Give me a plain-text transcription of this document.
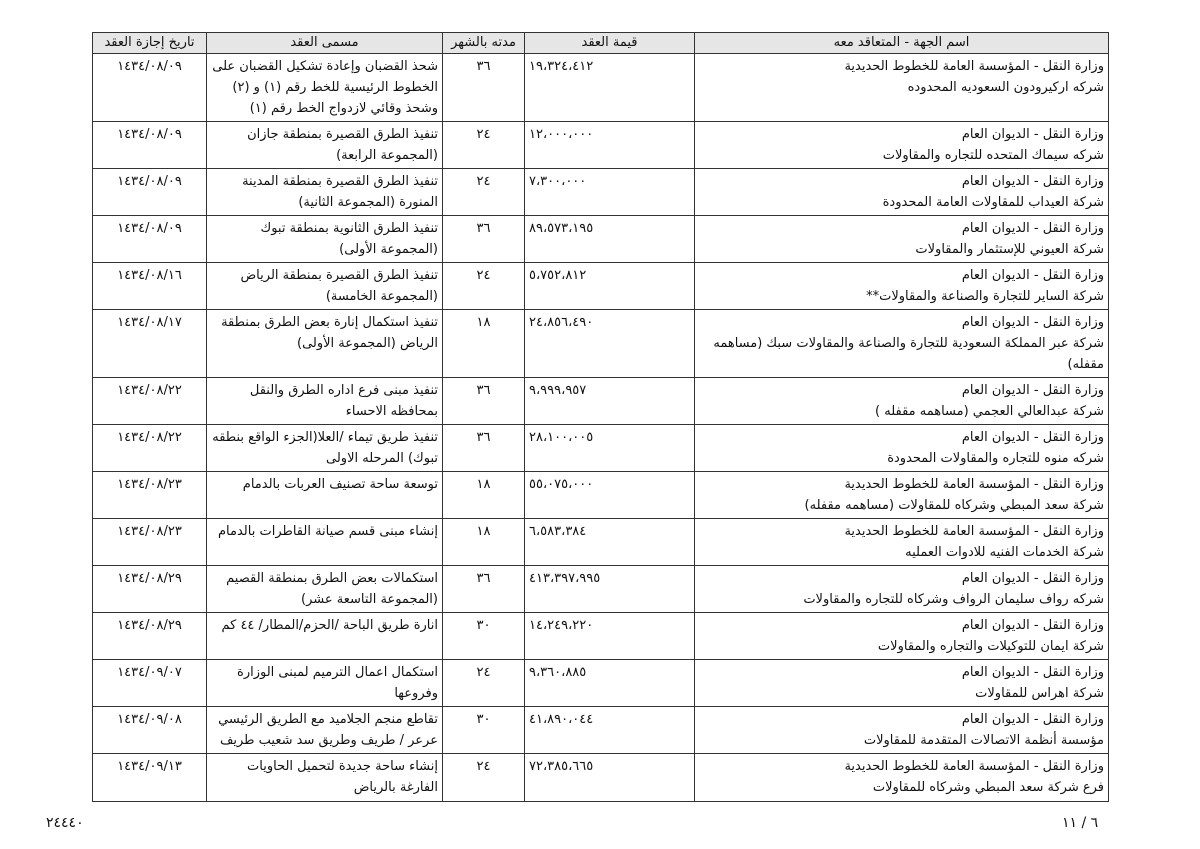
اسم الجهة - المتعاقد معه	قيمة العقد	مدته بالشهر	مسمى العقد	تاريخ إجازة العقد

وزارة النقل - المؤسسة العامة للخطوط الحديدية
شركه اركيرودون السعوديه المحدوده	١٩،٣٢٤،٤١٢	٣٦	شحذ القضبان وإعادة تشكيل القضبان على الخطوط الرئيسية للخط رقم (١) و (٢) وشحذ وقائي لازدواج الخط رقم (١)	١٤٣٤/٠٨/٠٩

وزارة النقل - الديوان العام
شركه سيماك المتحده للتجاره والمقاولات	١٢،٠٠٠،٠٠٠	٢٤	تنفيذ الطرق القصيرة بمنطقة جازان (المجموعة الرابعة)	١٤٣٤/٠٨/٠٩

وزارة النقل - الديوان العام
شركة العيداب للمقاولات العامة المحدودة	٧،٣٠٠،٠٠٠	٢٤	تنفيذ الطرق القصيرة بمنطقة المدينة المنورة (المجموعة الثانية)	١٤٣٤/٠٨/٠٩

وزارة النقل - الديوان العام
شركة العيوني للإستثمار والمقاولات	٨٩،٥٧٣،١٩٥	٣٦	تنفيذ الطرق الثانوية بمنطقة تبوك (المجموعة الأولى)	١٤٣٤/٠٨/٠٩

وزارة النقل - الديوان العام
شركة الساير للتجارة والصناعة والمقاولات**	٥،٧٥٢،٨١٢	٢٤	تنفيذ الطرق القصيرة بمنطقة الرياض (المجموعة الخامسة)	١٤٣٤/٠٨/١٦

وزارة النقل - الديوان العام
شركة عبر المملكة السعودية للتجارة والصناعة والمقاولات سبك (مساهمه مقفله)	٢٤،٨٥٦،٤٩٠	١٨	تنفيذ استكمال إنارة بعض الطرق بمنطقة الرياض (المجموعة الأولى)	١٤٣٤/٠٨/١٧

وزارة النقل - الديوان العام
شركة عبدالعالي العجمي (مساهمه مقفله )	٩،٩٩٩،٩٥٧	٣٦	تنفيذ مبنى فرع اداره الطرق والنقل بمحافظه الاحساء	١٤٣٤/٠٨/٢٢

وزارة النقل - الديوان العام
شركه منوه للتجاره والمقاولات المحدودة	٢٨،١٠٠،٠٠٥	٣٦	تنفيذ طريق تيماء /العلا(الجزء الواقع بنطقه تبوك) المرحله الاولى	١٤٣٤/٠٨/٢٢

وزارة النقل - المؤسسة العامة للخطوط الحديدية
شركة سعد المبطي وشركاه للمقاولات (مساهمه مقفله)	٥٥،٠٧٥،٠٠٠	١٨	توسعة ساحة تصنيف العربات بالدمام	١٤٣٤/٠٨/٢٣

وزارة النقل - المؤسسة العامة للخطوط الحديدية
شركة الخدمات الفنيه للادوات العمليه	٦،٥٨٣،٣٨٤	١٨	إنشاء مبنى قسم صيانة القاطرات بالدمام	١٤٣٤/٠٨/٢٣

وزارة النقل - الديوان العام
شركه رواف سليمان الرواف وشركاه للتجاره والمقاولات	٤١٣،٣٩٧،٩٩٥	٣٦	استكمالات بعض الطرق بمنطقة القصيم (المجموعة التاسعة عشر)	١٤٣٤/٠٨/٢٩

وزارة النقل - الديوان العام
شركة ايمان للتوكيلات والتجاره والمقاولات	١٤،٢٤٩،٢٢٠	٣٠	انارة طريق الباحة /الحزم/المطار/ ٤٤ كم	١٤٣٤/٠٨/٢٩

وزارة النقل - الديوان العام
شركة اهراس للمقاولات	٩،٣٦٠،٨٨٥	٢٤	استكمال اعمال الترميم لمبنى الوزارة وفروعها	١٤٣٤/٠٩/٠٧

وزارة النقل - الديوان العام
مؤسسة أنظمة الاتصالات المتقدمة للمقاولات	٤١،٨٩٠،٠٤٤	٣٠	تقاطع منجم الجلاميد مع الطريق الرئيسي عرعر / طريف وطريق سد شعيب طريف	١٤٣٤/٠٩/٠٨

وزارة النقل - المؤسسة العامة للخطوط الحديدية
فرع شركة سعد المبطي وشركاه للمقاولات	٧٢،٣٨٥،٦٦٥	٢٤	إنشاء ساحة جديدة لتحميل الحاويات الفارغة بالرياض	١٤٣٤/٠٩/١٣
٢٤٤٤٠	٦ / ١١
